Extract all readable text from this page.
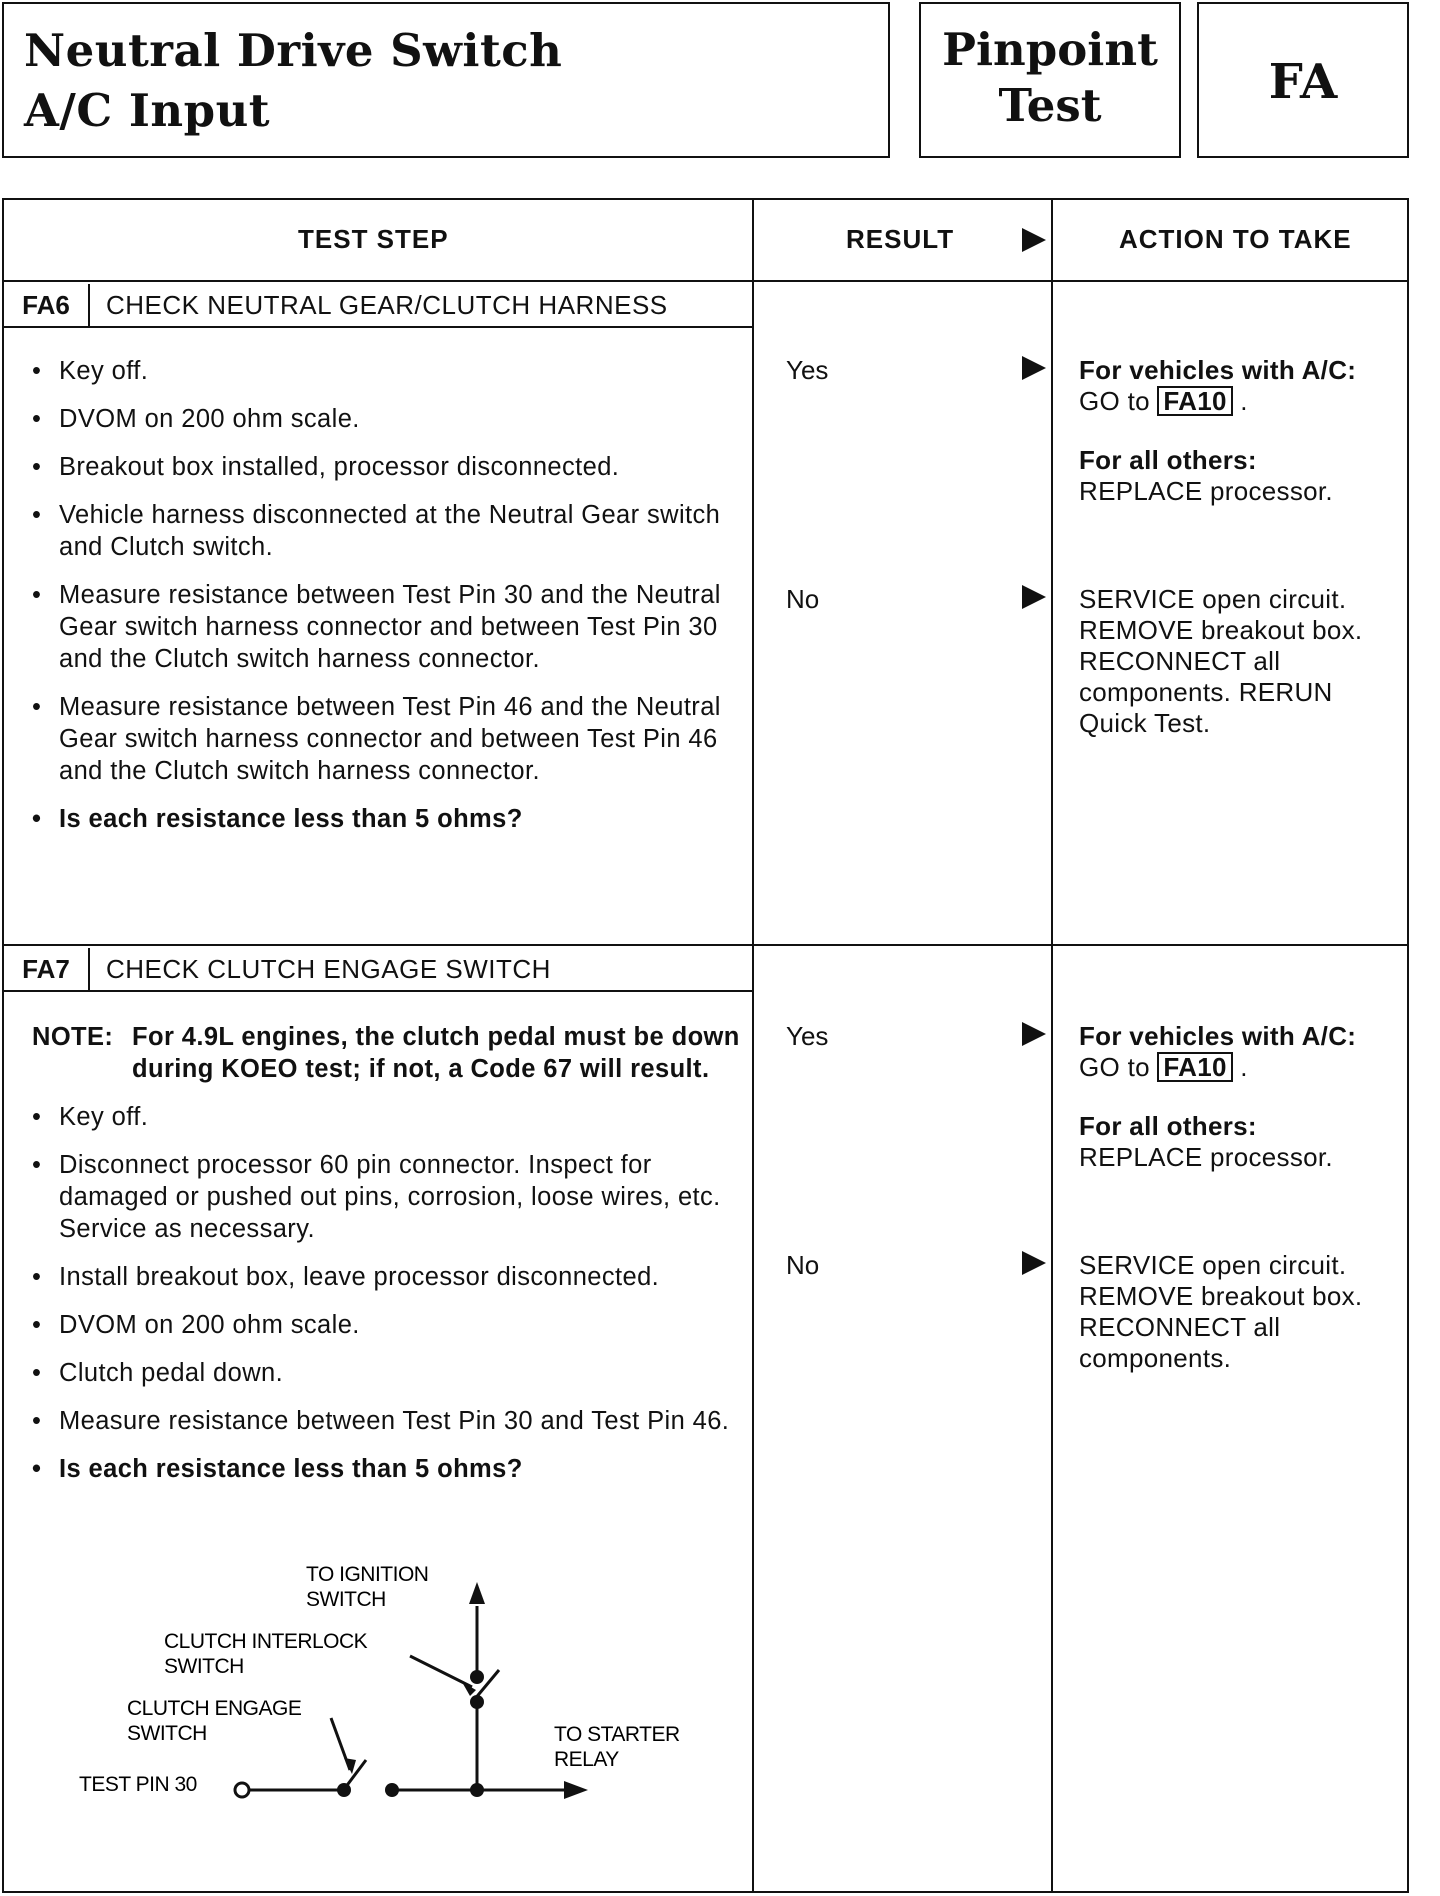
Neutral Drive Switch
A/C Input
Pinpoint
Test	FA
TEST STEP	RESULT	ACTION TO TAKE
FA6	CHECK NEUTRAL GEAR/CLUTCH HARNESS
• Key off.
• DVOM on 200 ohm scale.
• Breakout box installed, processor disconnected.
• Vehicle harness disconnected at the Neutral Gear switch and Clutch switch.
• Measure resistance between Test Pin 30 and the Neutral Gear switch harness connector and between Test Pin 30 and the Clutch switch harness connector.
• Measure resistance between Test Pin 46 and the Neutral Gear switch harness connector and between Test Pin 46 and the Clutch switch harness connector.
• Is each resistance less than 5 ohms?
Yes	For vehicles with A/C:
GO to FA10 .
For all others:
REPLACE processor.
No	SERVICE open circuit. REMOVE breakout box. RECONNECT all components. RERUN Quick Test.
FA7	CHECK CLUTCH ENGAGE SWITCH
NOTE: For 4.9L engines, the clutch pedal must be down during KOEO test; if not, a Code 67 will result.
• Key off.
• Disconnect processor 60 pin connector. Inspect for damaged or pushed out pins, corrosion, loose wires, etc. Service as necessary.
• Install breakout box, leave processor disconnected.
• DVOM on 200 ohm scale.
• Clutch pedal down.
• Measure resistance between Test Pin 30 and Test Pin 46.
• Is each resistance less than 5 ohms?
Yes	For vehicles with A/C:
GO to FA10 .
For all others:
REPLACE processor.
No	SERVICE open circuit. REMOVE breakout box. RECONNECT all components.
TO IGNITION
SWITCH
CLUTCH INTERLOCK
SWITCH
CLUTCH ENGAGE
SWITCH	TO STARTER
RELAY
TEST PIN 30
